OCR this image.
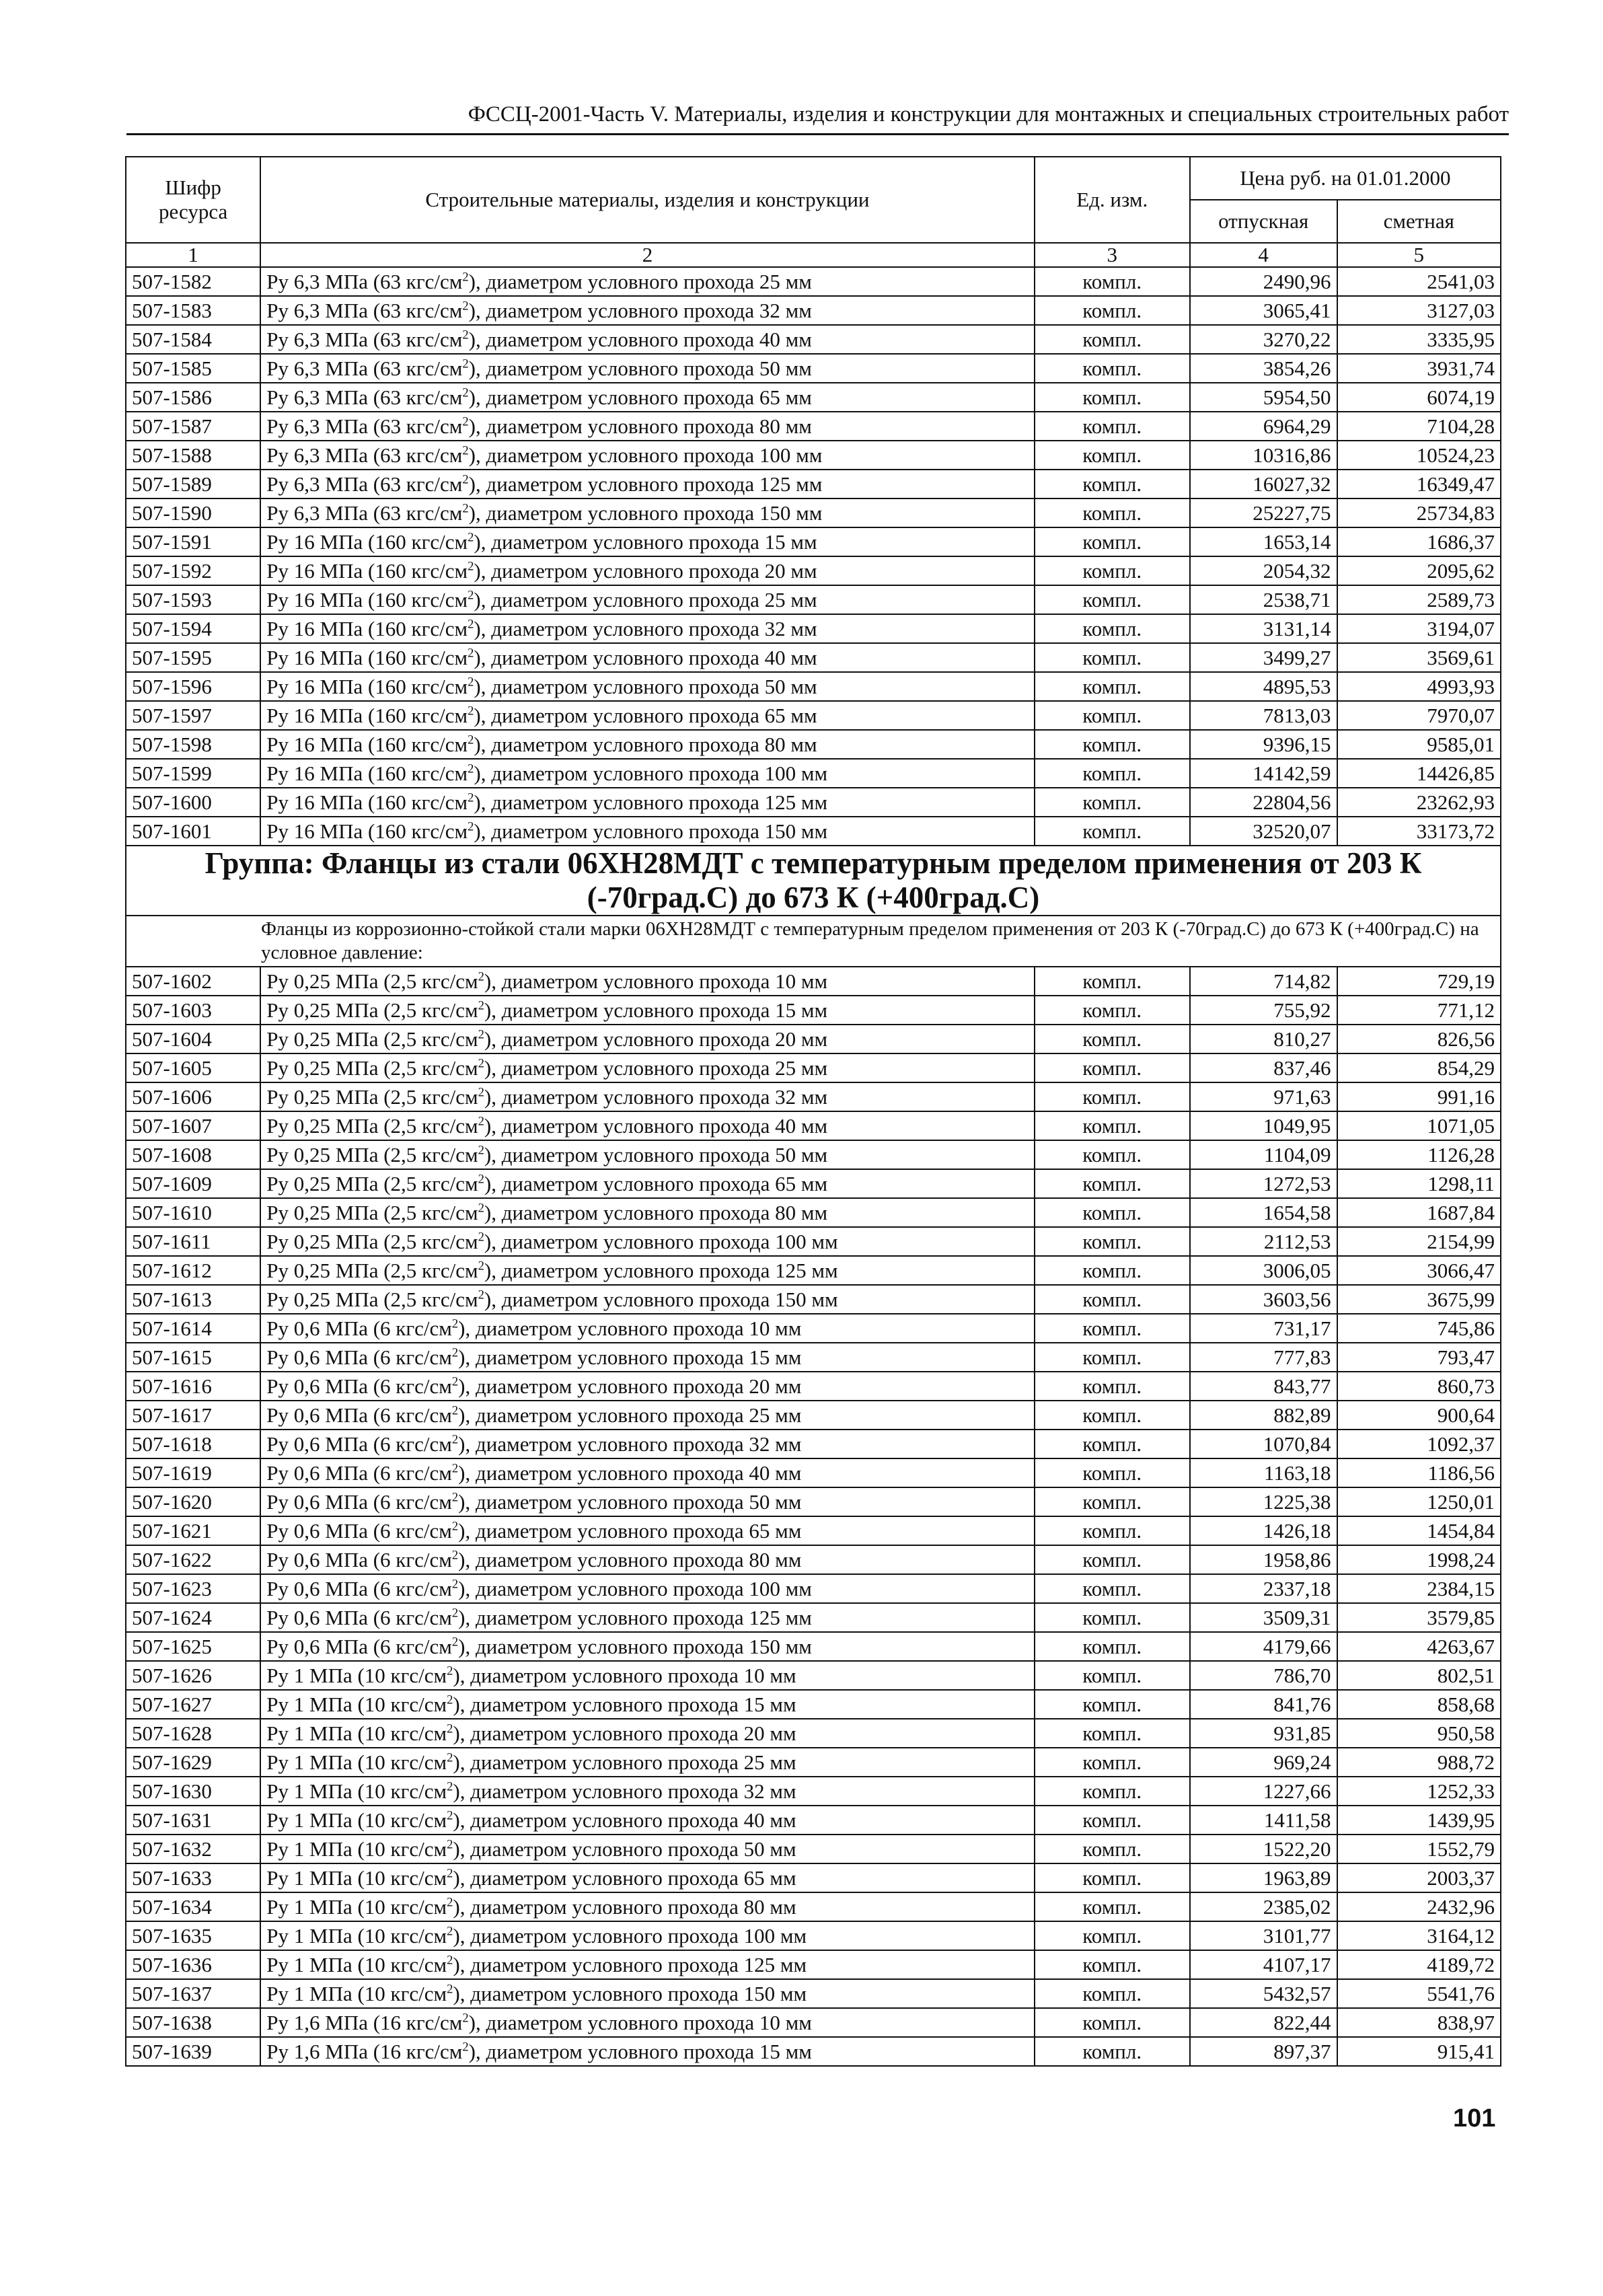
ФССЦ-2001-Часть V. Материалы, изделия и конструкции для монтажных и специальных строительных работ
Шифр ресурса	Строительные материалы, изделия и конструкции	Ед. изм.	Цена руб. на 01.01.2000	
			отпускная	сметная
1	2	3	4	5
507-1582	Ру 6,3 МПа (63 кгс/$см^2$), диаметром условного прохода 25 мм	компл.	2490,96	2541,03
507-1583	Ру 6,3 МПа (63 кгс/$см^2$), диаметром условного прохода 32 мм	компл.	3065,41	3127,03
507-1584	Ру 6,3 МПа (63 кгс/$см^2$), диаметром условного прохода 40 мм	компл.	3270,22	3335,95
507-1585	Ру 6,3 МПа (63 кгс/$см^2$), диаметром условного прохода 50 мм	компл.	3854,26	3931,74
507-1586	Ру 6,3 МПа (63 кгс/$см^2$), диаметром условного прохода 65 мм	компл.	5954,50	6074,19
507-1587	Ру 6,3 МПа (63 кгс/$см^2$), диаметром условного прохода 80 мм	компл.	6964,29	7104,28
507-1588	Ру 6,3 МПа (63 кгс/$см^2$), диаметром условного прохода 100 мм	компл.	10316,86	10524,23
507-1589	Ру 6,3 МПа (63 кгс/$см^2$), диаметром условного прохода 125 мм	компл.	16027,32	16349,47
507-1590	Ру 6,3 МПа (63 кгс/$см^2$), диаметром условного прохода 150 мм	компл.	25227,75	25734,83
507-1591	Ру 16 МПа (160 кгс/$см^2$), диаметром условного прохода 15 мм	компл.	1653,14	1686,37
507-1592	Ру 16 МПа (160 кгс/$см^2$), диаметром условного прохода 20 мм	компл.	2054,32	2095,62
507-1593	Ру 16 МПа (160 кгс/$см^2$), диаметром условного прохода 25 мм	компл.	2538,71	2589,73
507-1594	Ру 16 МПа (160 кгс/$см^2$), диаметром условного прохода 32 мм	компл.	3131,14	3194,07
507-1595	Ру 16 МПа (160 кгс/$см^2$), диаметром условного прохода 40 мм	компл.	3499,27	3569,61
507-1596	Ру 16 МПа (160 кгс/$см^2$), диаметром условного прохода 50 мм	компл.	4895,53	4993,93
507-1597	Ру 16 МПа (160 кгс/$см^2$), диаметром условного прохода 65 мм	компл.	7813,03	7970,07
507-1598	Ру 16 МПа (160 кгс/$см^2$), диаметром условного прохода 80 мм	компл.	9396,15	9585,01
507-1599	Ру 16 МПа (160 кгс/$см^2$), диаметром условного прохода 100 мм	компл.	14142,59	14426,85
507-1600	Ру 16 МПа (160 кгс/$см^2$), диаметром условного прохода 125 мм	компл.	22804,56	23262,93
507-1601	Ру 16 МПа (160 кгс/$см^2$), диаметром условного прохода 150 мм	компл.	32520,07	33173,72
Группа: Фланцы из стали 06ХН28МДТ с температурным пределом применения от 203 К (-70град.С) до 673 К (+400град.С)				
Фланцы из коррозионно-стойкой стали марки 06ХН28МДТ с температурным пределом применения от 203 К (-70град.С) до 673 К (+400град.С) на условное давление:				
507-1602	Ру 0,25 МПа (2,5 кгс/$см^2$), диаметром условного прохода 10 мм	компл.	714,82	729,19
507-1603	Ру 0,25 МПа (2,5 кгс/$см^2$), диаметром условного прохода 15 мм	компл.	755,92	771,12
507-1604	Ру 0,25 МПа (2,5 кгс/$см^2$), диаметром условного прохода 20 мм	компл.	810,27	826,56
507-1605	Ру 0,25 МПа (2,5 кгс/$см^2$), диаметром условного прохода 25 мм	компл.	837,46	854,29
507-1606	Ру 0,25 МПа (2,5 кгс/$см^2$), диаметром условного прохода 32 мм	компл.	971,63	991,16
507-1607	Ру 0,25 МПа (2,5 кгс/$см^2$), диаметром условного прохода 40 мм	компл.	1049,95	1071,05
507-1608	Ру 0,25 МПа (2,5 кгс/$см^2$), диаметром условного прохода 50 мм	компл.	1104,09	1126,28
507-1609	Ру 0,25 МПа (2,5 кгс/$см^2$), диаметром условного прохода 65 мм	компл.	1272,53	1298,11
507-1610	Ру 0,25 МПа (2,5 кгс/$см^2$), диаметром условного прохода 80 мм	компл.	1654,58	1687,84
507-1611	Ру 0,25 МПа (2,5 кгс/$см^2$), диаметром условного прохода 100 мм	компл.	2112,53	2154,99
507-1612	Ру 0,25 МПа (2,5 кгс/$см^2$), диаметром условного прохода 125 мм	компл.	3006,05	3066,47
507-1613	Ру 0,25 МПа (2,5 кгс/$см^2$), диаметром условного прохода 150 мм	компл.	3603,56	3675,99
507-1614	Ру 0,6 МПа (6 кгс/$см^2$), диаметром условного прохода 10 мм	компл.	731,17	745,86
507-1615	Ру 0,6 МПа (6 кгс/$см^2$), диаметром условного прохода 15 мм	компл.	777,83	793,47
507-1616	Ру 0,6 МПа (6 кгс/$см^2$), диаметром условного прохода 20 мм	компл.	843,77	860,73
507-1617	Ру 0,6 МПа (6 кгс/$см^2$), диаметром условного прохода 25 мм	компл.	882,89	900,64
507-1618	Ру 0,6 МПа (6 кгс/$см^2$), диаметром условного прохода 32 мм	компл.	1070,84	1092,37
507-1619	Ру 0,6 МПа (6 кгс/$см^2$), диаметром условного прохода 40 мм	компл.	1163,18	1186,56
507-1620	Ру 0,6 МПа (6 кгс/$см^2$), диаметром условного прохода 50 мм	компл.	1225,38	1250,01
507-1621	Ру 0,6 МПа (6 кгс/$см^2$), диаметром условного прохода 65 мм	компл.	1426,18	1454,84
507-1622	Ру 0,6 МПа (6 кгс/$см^2$), диаметром условного прохода 80 мм	компл.	1958,86	1998,24
507-1623	Ру 0,6 МПа (6 кгс/$см^2$), диаметром условного прохода 100 мм	компл.	2337,18	2384,15
507-1624	Ру 0,6 МПа (6 кгс/$см^2$), диаметром условного прохода 125 мм	компл.	3509,31	3579,85
507-1625	Ру 0,6 МПа (6 кгс/$см^2$), диаметром условного прохода 150 мм	компл.	4179,66	4263,67
507-1626	Ру 1 МПа (10 кгс/$см^2$), диаметром условного прохода 10 мм	компл.	786,70	802,51
507-1627	Ру 1 МПа (10 кгс/$см^2$), диаметром условного прохода 15 мм	компл.	841,76	858,68
507-1628	Ру 1 МПа (10 кгс/$см^2$), диаметром условного прохода 20 мм	компл.	931,85	950,58
507-1629	Ру 1 МПа (10 кгс/$см^2$), диаметром условного прохода 25 мм	компл.	969,24	988,72
507-1630	Ру 1 МПа (10 кгс/$см^2$), диаметром условного прохода 32 мм	компл.	1227,66	1252,33
507-1631	Ру 1 МПа (10 кгс/$см^2$), диаметром условного прохода 40 мм	компл.	1411,58	1439,95
507-1632	Ру 1 МПа (10 кгс/$см^2$), диаметром условного прохода 50 мм	компл.	1522,20	1552,79
507-1633	Ру 1 МПа (10 кгс/$см^2$), диаметром условного прохода 65 мм	компл.	1963,89	2003,37
507-1634	Ру 1 МПа (10 кгс/$см^2$), диаметром условного прохода 80 мм	компл.	2385,02	2432,96
507-1635	Ру 1 МПа (10 кгс/$см^2$), диаметром условного прохода 100 мм	компл.	3101,77	3164,12
507-1636	Ру 1 МПа (10 кгс/$см^2$), диаметром условного прохода 125 мм	компл.	4107,17	4189,72
507-1637	Ру 1 МПа (10 кгс/$см^2$), диаметром условного прохода 150 мм	компл.	5432,57	5541,76
507-1638	Ру 1,6 МПа (16 кгс/$см^2$), диаметром условного прохода 10 мм	компл.	822,44	838,97
507-1639	Ру 1,6 МПа (16 кгс/$см^2$), диаметром условного прохода 15 мм	компл.	897,37	915,41
101
